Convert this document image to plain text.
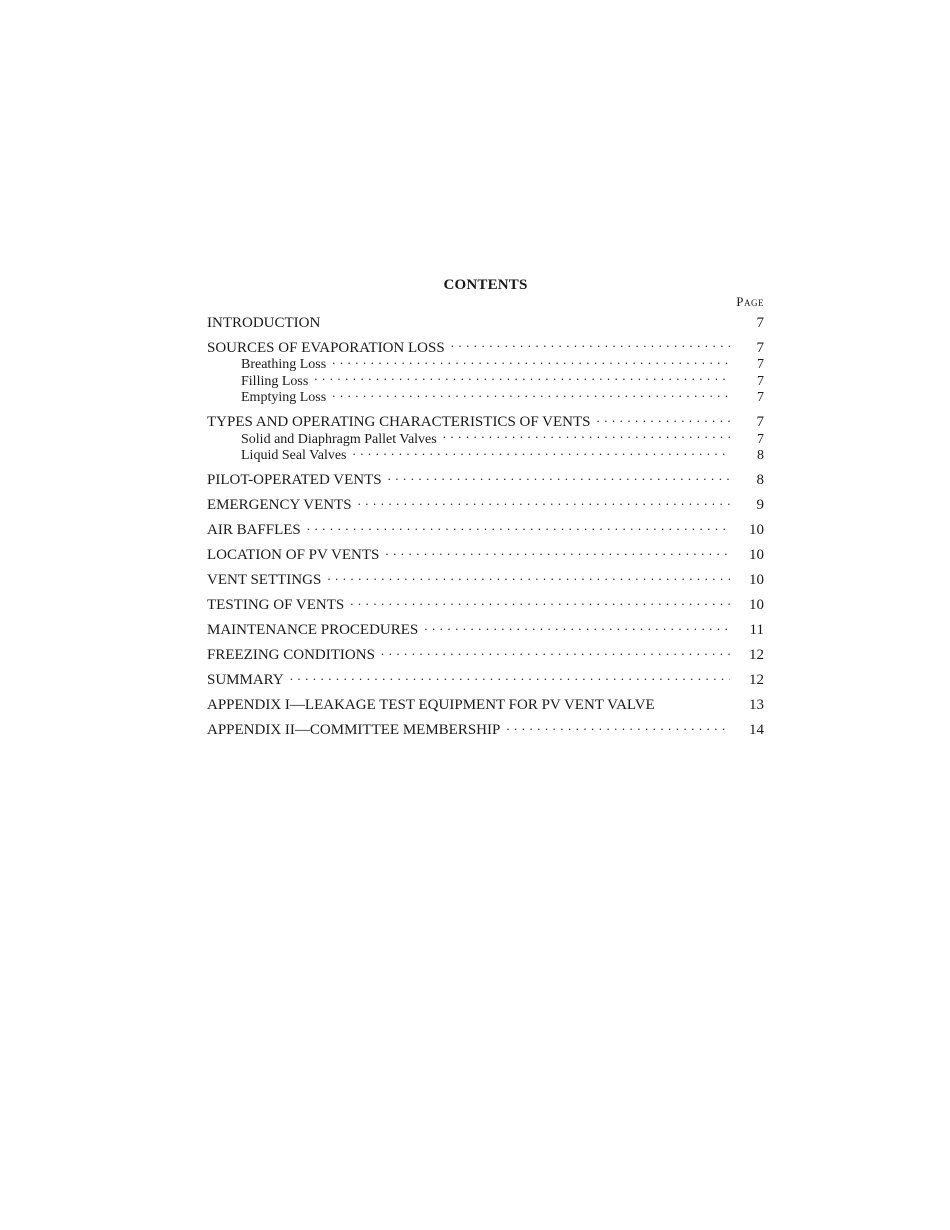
CONTENTS
Page
INTRODUCTION	7
SOURCES OF EVAPORATION LOSS . . .	7
Breathing Loss . . .	7
Filling Loss . . .	7
Emptying Loss . . .	7
TYPES AND OPERATING CHARACTERISTICS OF VENTS . . .	7
Solid and Diaphragm Pallet Valves . . .	7
Liquid Seal Valves . . .	8
PILOT-OPERATED VENTS . . .	8
EMERGENCY VENTS . . .	9
AIR BAFFLES . . .	10
LOCATION OF PV VENTS . . .	10
VENT SETTINGS . . .	10
TESTING OF VENTS . . .	10
MAINTENANCE PROCEDURES . . .	11
FREEZING CONDITIONS . . .	12
SUMMARY . . .	12
APPENDIX I—LEAKAGE TEST EQUIPMENT FOR PV VENT VALVE	13
APPENDIX II—COMMITTEE MEMBERSHIP . . .	14
